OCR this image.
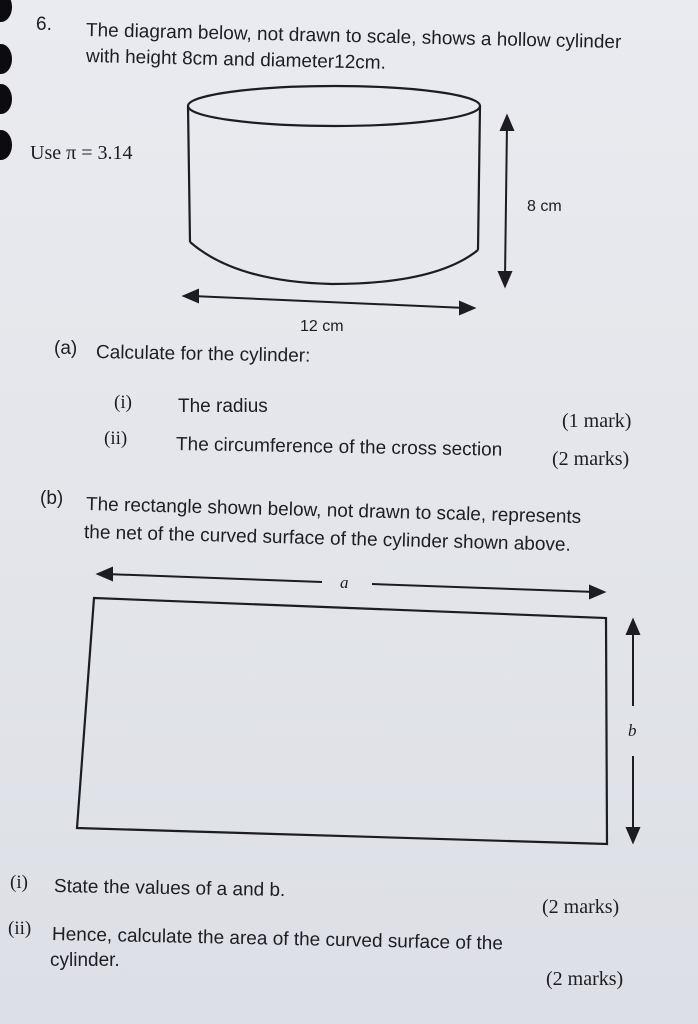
6. The diagram below, not drawn to scale, shows a hollow cylinder
with height 8cm and diameter12cm.
Use π = 3.14
8 cm
12 cm
(a) Calculate for the cylinder:
(i) The radius
(1 mark)
(ii)	The circumference of the cross section (2 marks)
(b) The rectangle shown below, not drawn to scale, represents
the net of the curved surface of the cylinder shown above.
a
b
(i) State the values of a and b.
(2 marks)
(ii) Hence, calculate the area of the curved surface of the
cylinder.
(2 marks)
